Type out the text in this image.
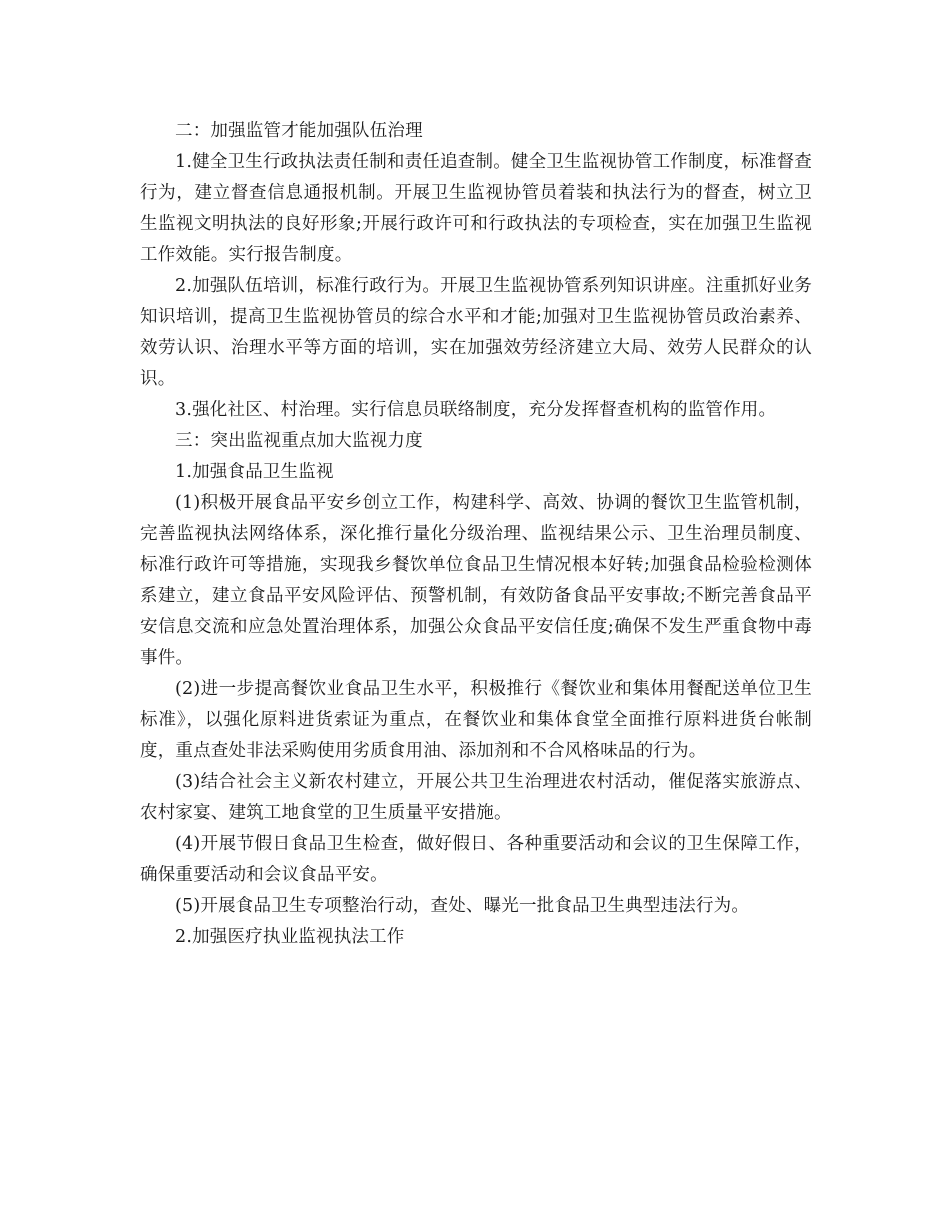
二：加强监管才能加强队伍治理

1.健全卫生行政执法责任制和责任追查制。健全卫生监视协管工作制度，标准督查行为，建立督查信息通报机制。开展卫生监视协管员着装和执法行为的督查，树立卫生监视文明执法的良好形象;开展行政许可和行政执法的专项检查，实在加强卫生监视工作效能。实行报告制度。

2.加强队伍培训，标准行政行为。开展卫生监视协管系列知识讲座。注重抓好业务知识培训，提高卫生监视协管员的综合水平和才能;加强对卫生监视协管员政治素养、效劳认识、治理水平等方面的培训，实在加强效劳经济建立大局、效劳人民群众的认识。

3.强化社区、村治理。实行信息员联络制度，充分发挥督查机构的监管作用。

三：突出监视重点加大监视力度

1.加强食品卫生监视

(1)积极开展食品平安乡创立工作，构建科学、高效、协调的餐饮卫生监管机制，完善监视执法网络体系，深化推行量化分级治理、监视结果公示、卫生治理员制度、标准行政许可等措施，实现我乡餐饮单位食品卫生情况根本好转;加强食品检验检测体系建立，建立食品平安风险评估、预警机制，有效防备食品平安事故;不断完善食品平安信息交流和应急处置治理体系，加强公众食品平安信任度;确保不发生严重食物中毒事件。

(2)进一步提高餐饮业食品卫生水平，积极推行《餐饮业和集体用餐配送单位卫生标准》，以强化原料进货索证为重点，在餐饮业和集体食堂全面推行原料进货台帐制度，重点查处非法采购使用劣质食用油、添加剂和不合风格味品的行为。

(3)结合社会主义新农村建立，开展公共卫生治理进农村活动，催促落实旅游点、农村家宴、建筑工地食堂的卫生质量平安措施。

(4)开展节假日食品卫生检查，做好假日、各种重要活动和会议的卫生保障工作，确保重要活动和会议食品平安。

(5)开展食品卫生专项整治行动，查处、曝光一批食品卫生典型违法行为。

2.加强医疗执业监视执法工作
